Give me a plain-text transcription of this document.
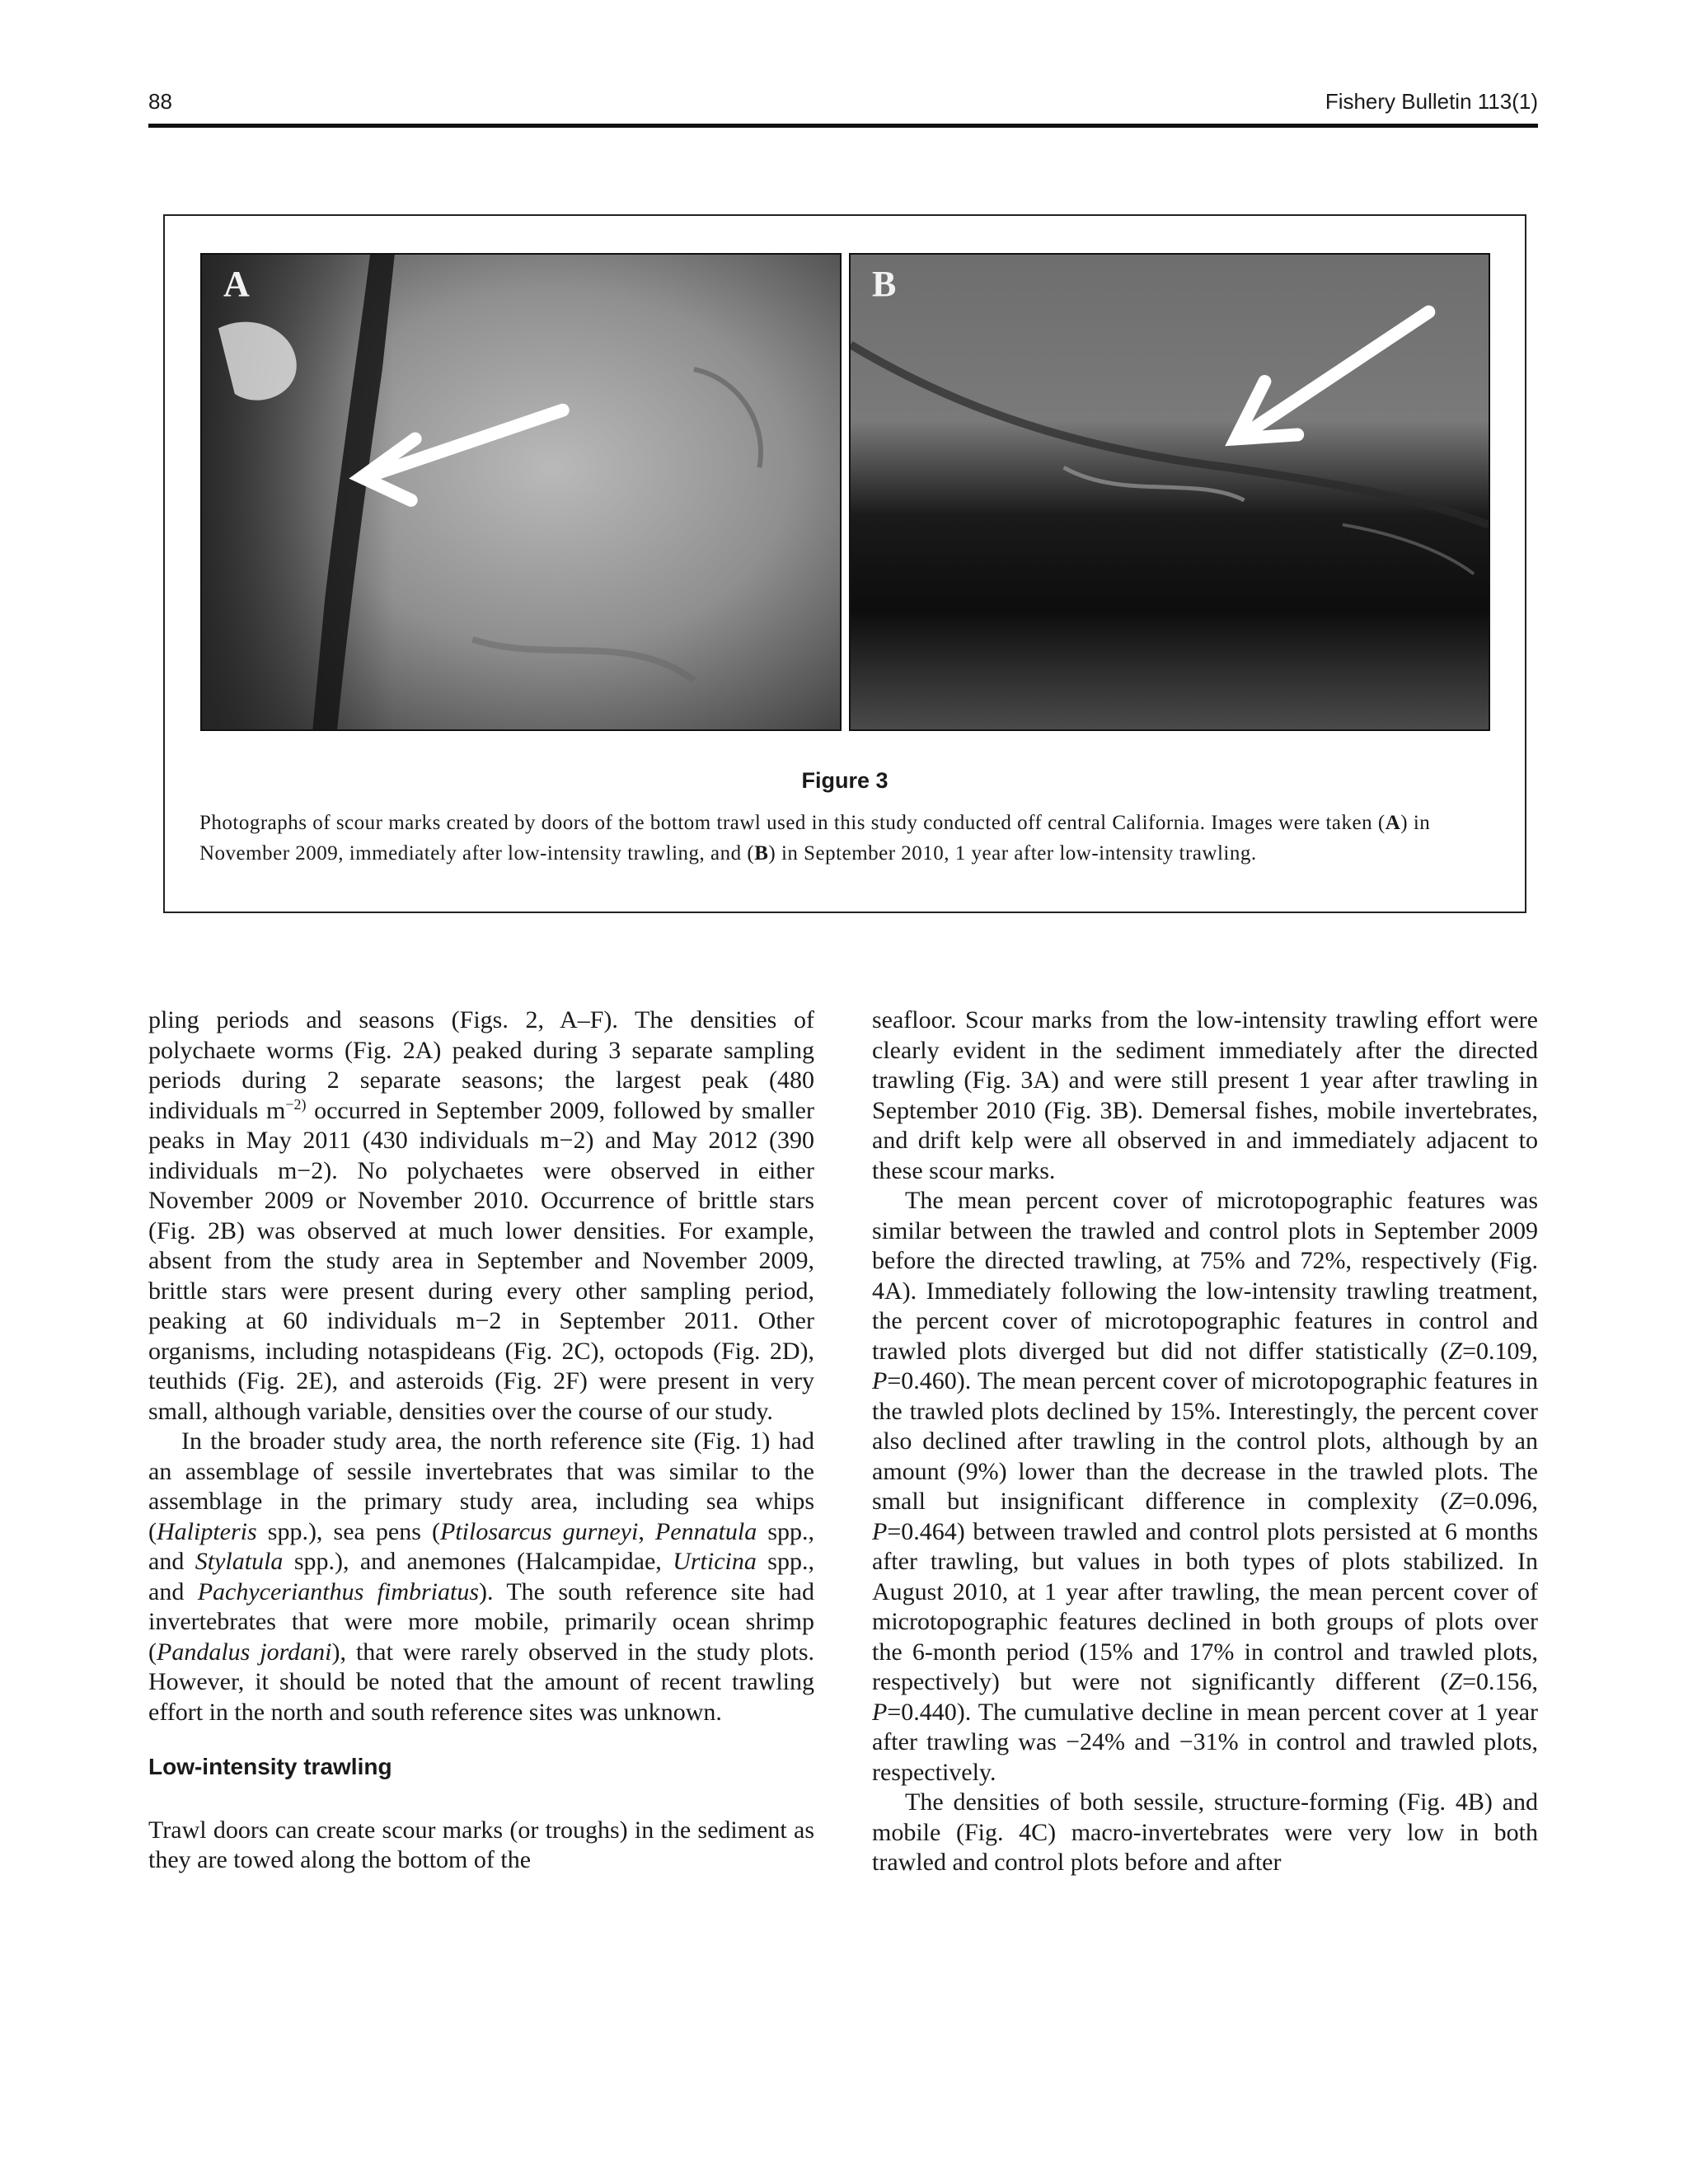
88	Fishery Bulletin 113(1)
A	B
Figure 3
Photographs of scour marks created by doors of the bottom trawl used in this study conducted off central California. Images were taken (A) in November 2009, immediately after low-intensity trawling, and (B) in September 2010, 1 year after low-intensity trawling.

pling periods and seasons (Figs. 2, A–F). The densities of polychaete worms (Fig. 2A) peaked during 3 separate sampling periods during 2 separate seasons; the largest peak (480 individuals $m^{-2)}$ occurred in September 2009, followed by smaller peaks in May 2011 (430 individuals m−2) and May 2012 (390 individuals m−2). No polychaetes were observed in either November 2009 or November 2010. Occurrence of brittle stars (Fig. 2B) was observed at much lower densities. For example, absent from the study area in September and November 2009, brittle stars were present during every other sampling period, peaking at 60 individuals m−2 in September 2011. Other organisms, including notaspideans (Fig. 2C), octopods (Fig. 2D), teuthids (Fig. 2E), and asteroids (Fig. 2F) were present in very small, although variable, densities over the course of our study.

In the broader study area, the north reference site (Fig. 1) had an assemblage of sessile invertebrates that was similar to the assemblage in the primary study area, including sea whips (Halipteris spp.), sea pens (Ptilosarcus gurneyi, Pennatula spp., and Stylatula spp.), and anemones (Halcampidae, Urticina spp., and Pachycerianthus fimbriatus). The south reference site had invertebrates that were more mobile, primarily ocean shrimp (Pandalus jordani), that were rarely observed in the study plots. However, it should be noted that the amount of recent trawling effort in the north and south reference sites was unknown.

Low-intensity trawling

Trawl doors can create scour marks (or troughs) in the sediment as they are towed along the bottom of the

seafloor. Scour marks from the low-intensity trawling effort were clearly evident in the sediment immediately after the directed trawling (Fig. 3A) and were still present 1 year after trawling in September 2010 (Fig. 3B). Demersal fishes, mobile invertebrates, and drift kelp were all observed in and immediately adjacent to these scour marks.

The mean percent cover of microtopographic features was similar between the trawled and control plots in September 2009 before the directed trawling, at 75% and 72%, respectively (Fig. 4A). Immediately following the low-intensity trawling treatment, the percent cover of microtopographic features in control and trawled plots diverged but did not differ statistically (Z=0.109, P=0.460). The mean percent cover of microtopographic features in the trawled plots declined by 15%. Interestingly, the percent cover also declined after trawling in the control plots, although by an amount (9%) lower than the decrease in the trawled plots. The small but insignificant difference in complexity (Z=0.096, P=0.464) between trawled and control plots persisted at 6 months after trawling, but values in both types of plots stabilized. In August 2010, at 1 year after trawling, the mean percent cover of microtopographic features declined in both groups of plots over the 6-month period (15% and 17% in control and trawled plots, respectively) but were not significantly different (Z=0.156, P=0.440). The cumulative decline in mean percent cover at 1 year after trawling was −24% and −31% in control and trawled plots, respectively.

The densities of both sessile, structure-forming (Fig. 4B) and mobile (Fig. 4C) macro-invertebrates were very low in both trawled and control plots before and after
